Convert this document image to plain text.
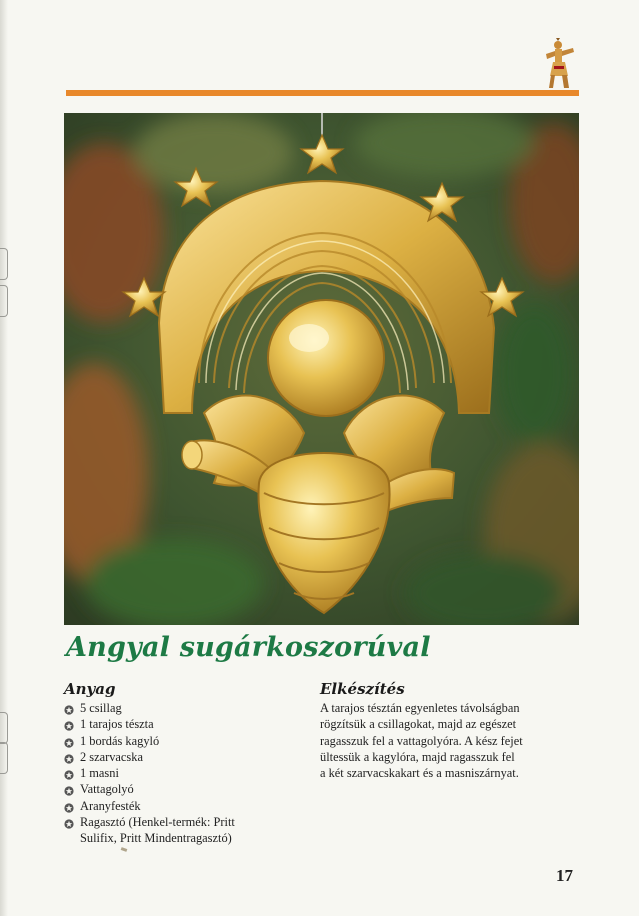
Angyal sugárkoszorúval
Anyag
5 csillag
1 tarajos tészta
1 bordás kagyló
2 szarvacska
1 masni
Vattagolyó
Aranyfesték
Ragasztó (Henkel-termék: Pritt
Sulifix, Pritt Mindentragasztó)
Elkészítés

A tarajos tésztán egyenletes távolságban
rögzítsük a csillagokat, majd az egészet
ragasszuk fel a vattagolyóra. A kész fejet
ültessük a kagylóra, majd ragasszuk fel
a két szarvacskakart és a masniszárnyat.

17
